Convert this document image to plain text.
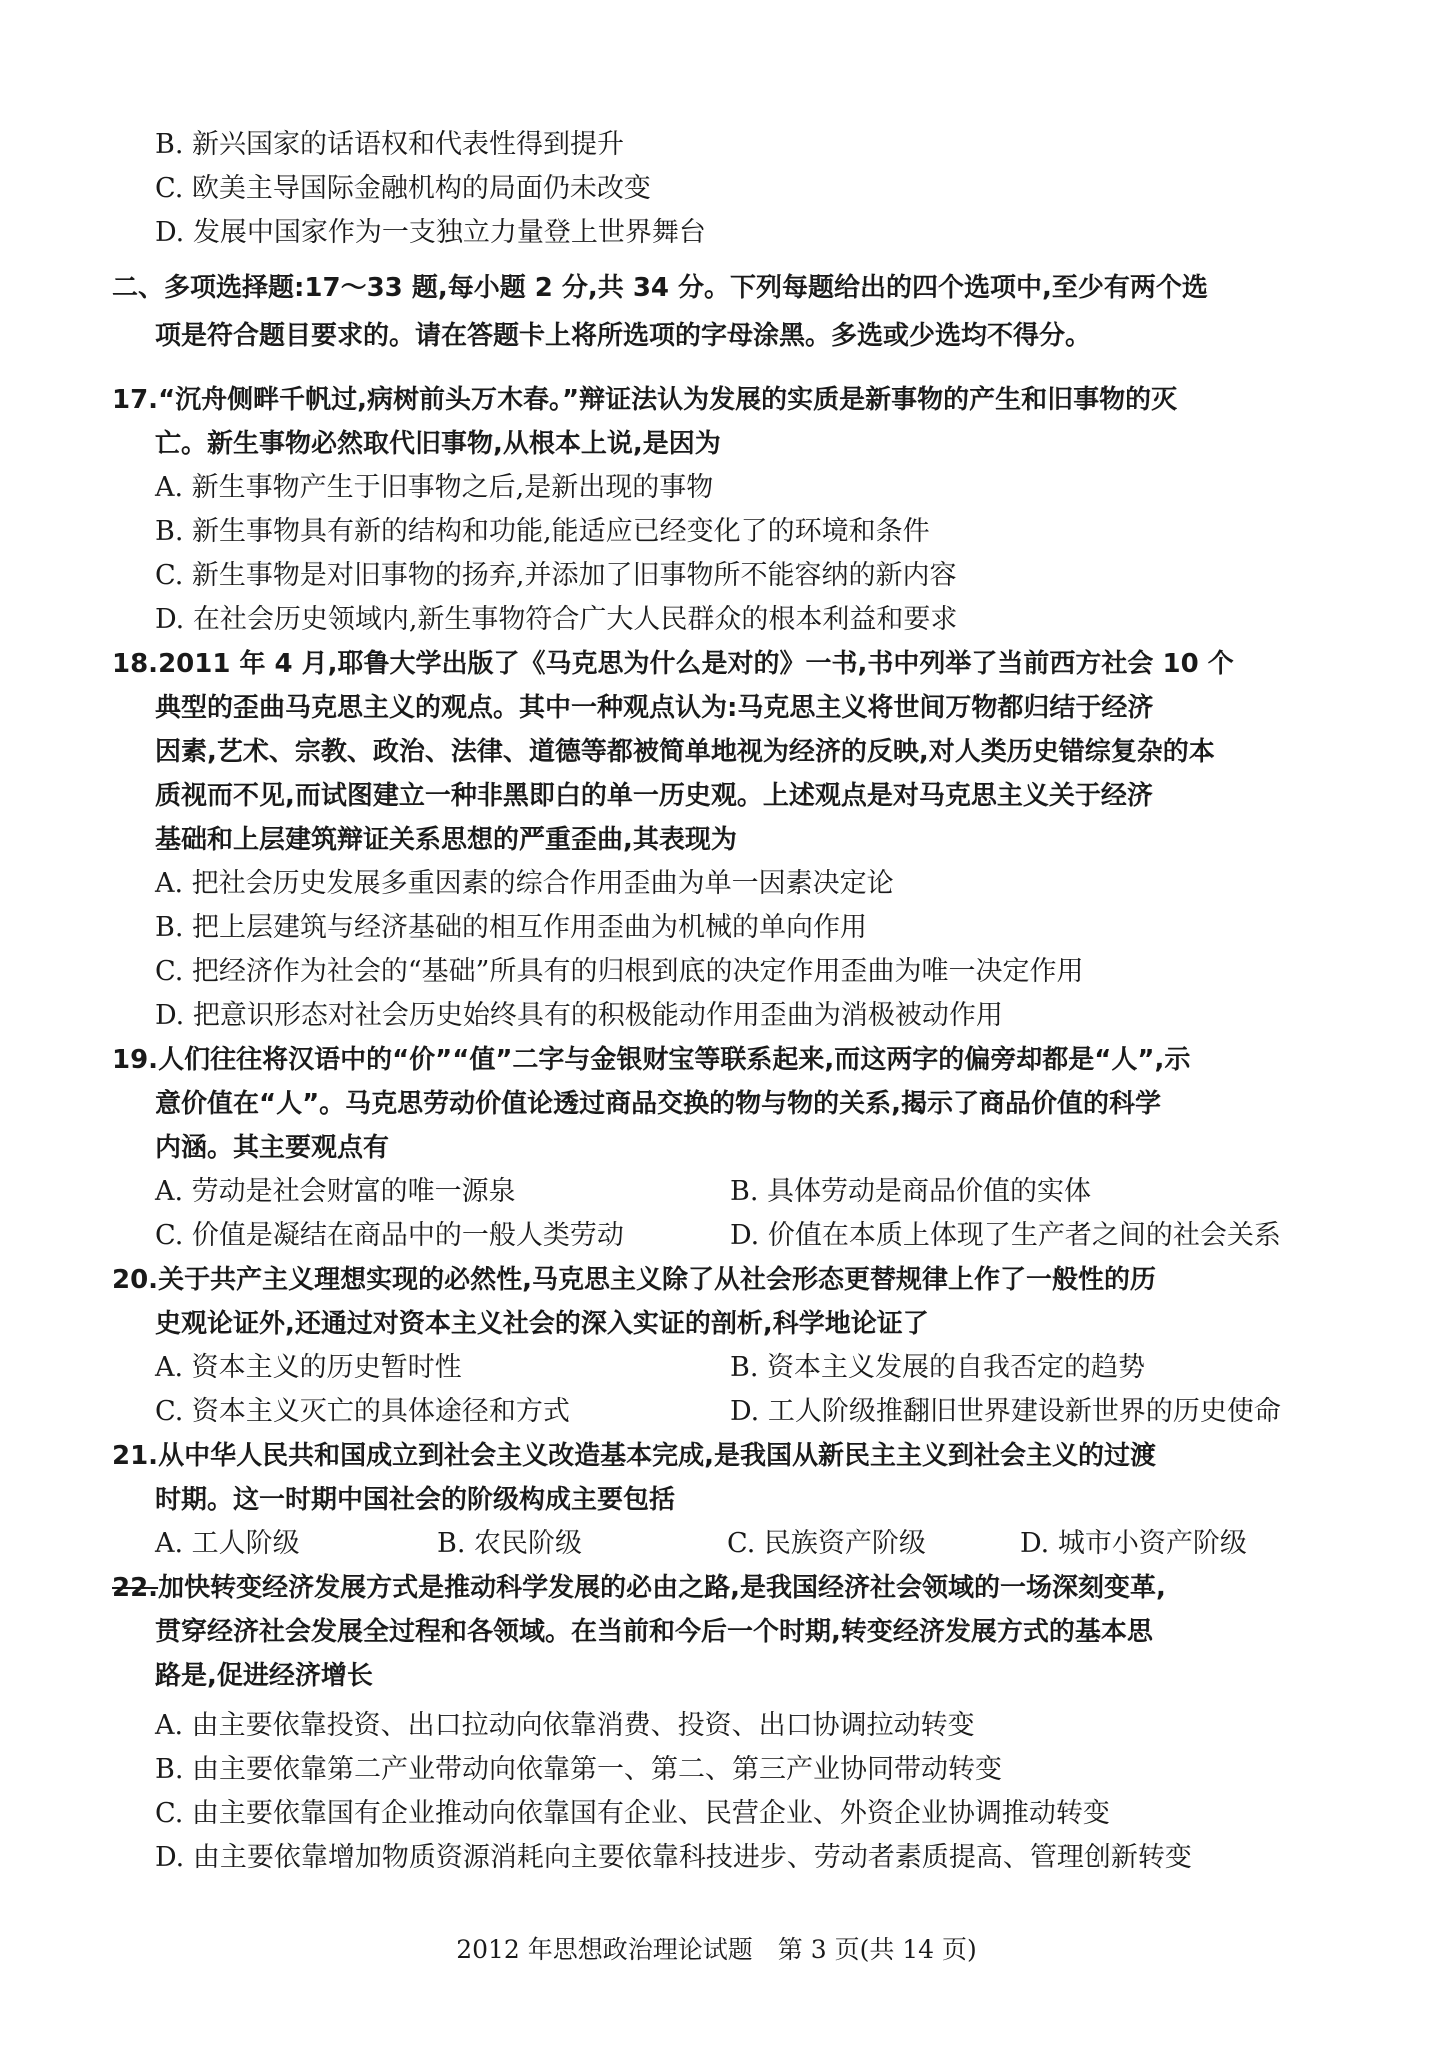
B. 新兴国家的话语权和代表性得到提升
C. 欧美主导国际金融机构的局面仍未改变
D. 发展中国家作为一支独立力量登上世界舞台
二、多项选择题:17～33 题,每小题 2 分,共 34 分。下列每题给出的四个选项中,至少有两个选
项是符合题目要求的。请在答题卡上将所选项的字母涂黑。多选或少选均不得分。
17.“沉舟侧畔千帆过,病树前头万木春。”辩证法认为发展的实质是新事物的产生和旧事物的灭
亡。新生事物必然取代旧事物,从根本上说,是因为
A. 新生事物产生于旧事物之后,是新出现的事物
B. 新生事物具有新的结构和功能,能适应已经变化了的环境和条件
C. 新生事物是对旧事物的扬弃,并添加了旧事物所不能容纳的新内容
D. 在社会历史领域内,新生事物符合广大人民群众的根本利益和要求
18.2011 年 4 月,耶鲁大学出版了《马克思为什么是对的》一书,书中列举了当前西方社会 10 个
典型的歪曲马克思主义的观点。其中一种观点认为:马克思主义将世间万物都归结于经济
因素,艺术、宗教、政治、法律、道德等都被简单地视为经济的反映,对人类历史错综复杂的本
质视而不见,而试图建立一种非黑即白的单一历史观。上述观点是对马克思主义关于经济
基础和上层建筑辩证关系思想的严重歪曲,其表现为
A. 把社会历史发展多重因素的综合作用歪曲为单一因素决定论
B. 把上层建筑与经济基础的相互作用歪曲为机械的单向作用
C. 把经济作为社会的“基础”所具有的归根到底的决定作用歪曲为唯一决定作用
D. 把意识形态对社会历史始终具有的积极能动作用歪曲为消极被动作用
19.人们往往将汉语中的“价”“值”二字与金银财宝等联系起来,而这两字的偏旁却都是“人”,示
意价值在“人”。马克思劳动价值论透过商品交换的物与物的关系,揭示了商品价值的科学
内涵。其主要观点有
A. 劳动是社会财富的唯一源泉	B. 具体劳动是商品价值的实体
C. 价值是凝结在商品中的一般人类劳动	D. 价值在本质上体现了生产者之间的社会关系
20.关于共产主义理想实现的必然性,马克思主义除了从社会形态更替规律上作了一般性的历
史观论证外,还通过对资本主义社会的深入实证的剖析,科学地论证了
A. 资本主义的历史暂时性	B. 资本主义发展的自我否定的趋势
C. 资本主义灭亡的具体途径和方式	D. 工人阶级推翻旧世界建设新世界的历史使命
21.从中华人民共和国成立到社会主义改造基本完成,是我国从新民主主义到社会主义的过渡
时期。这一时期中国社会的阶级构成主要包括
A. 工人阶级	B. 农民阶级	C. 民族资产阶级	D. 城市小资产阶级
22.加快转变经济发展方式是推动科学发展的必由之路,是我国经济社会领域的一场深刻变革,
贯穿经济社会发展全过程和各领域。在当前和今后一个时期,转变经济发展方式的基本思
路是,促进经济增长
A. 由主要依靠投资、出口拉动向依靠消费、投资、出口协调拉动转变
B. 由主要依靠第二产业带动向依靠第一、第二、第三产业协同带动转变
C. 由主要依靠国有企业推动向依靠国有企业、民营企业、外资企业协调推动转变
D. 由主要依靠增加物质资源消耗向主要依靠科技进步、劳动者素质提高、管理创新转变
2012 年思想政治理论试题　第 3 页(共 14 页)
